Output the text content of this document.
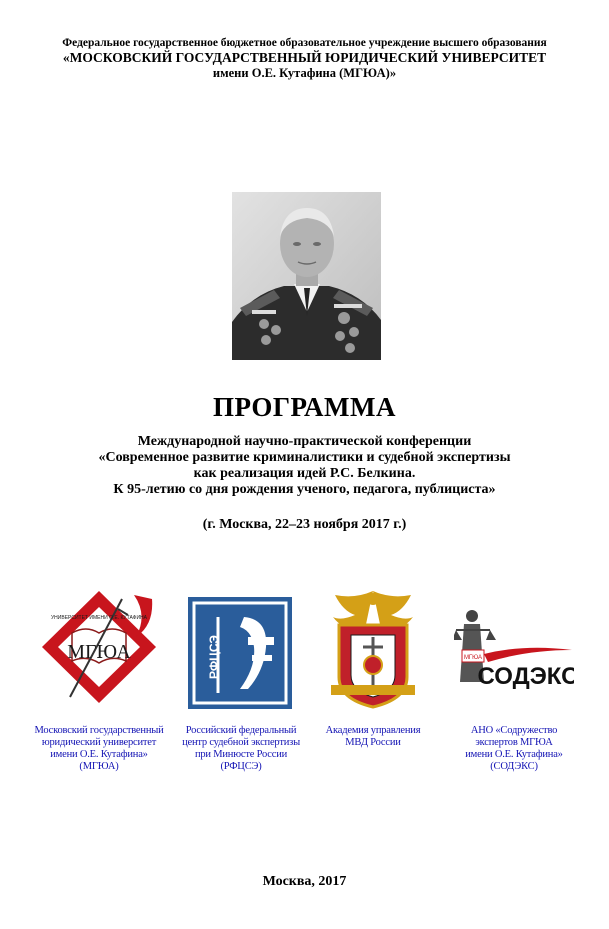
Федеральное государственное бюджетное образовательное учреждение высшего образования
«МОСКОВСКИЙ ГОСУДАРСТВЕННЫЙ ЮРИДИЧЕСКИЙ УНИВЕРСИТЕТ
имени О.Е. Кутафина (МГЮА)»
ПРОГРАММА
Международной научно-практической конференции
«Современное развитие криминалистики и судебной экспертизы
как реализация идей Р.С. Белкина.
К 95-летию со дня рождения ученого, педагога, публициста»
(г. Москва, 22–23 ноября 2017 г.)
МГЮА
УНИВЕРСИТЕТ ИМЕНИ О.Е. КУТАФИНА
Московский государственный
юридический университет
имени О.Е. Кутафина»
(МГЮА)
РФЦСЭ
Российский федеральный
центр судебной экспертизы
при Минюсте России
(РФЦСЭ)
Академия управления
МВД России
МГЮА
СОДЭКС
АНО «Содружество
экспертов МГЮА
имени О.Е. Кутафина»
(СОДЭКС)
Москва, 2017
